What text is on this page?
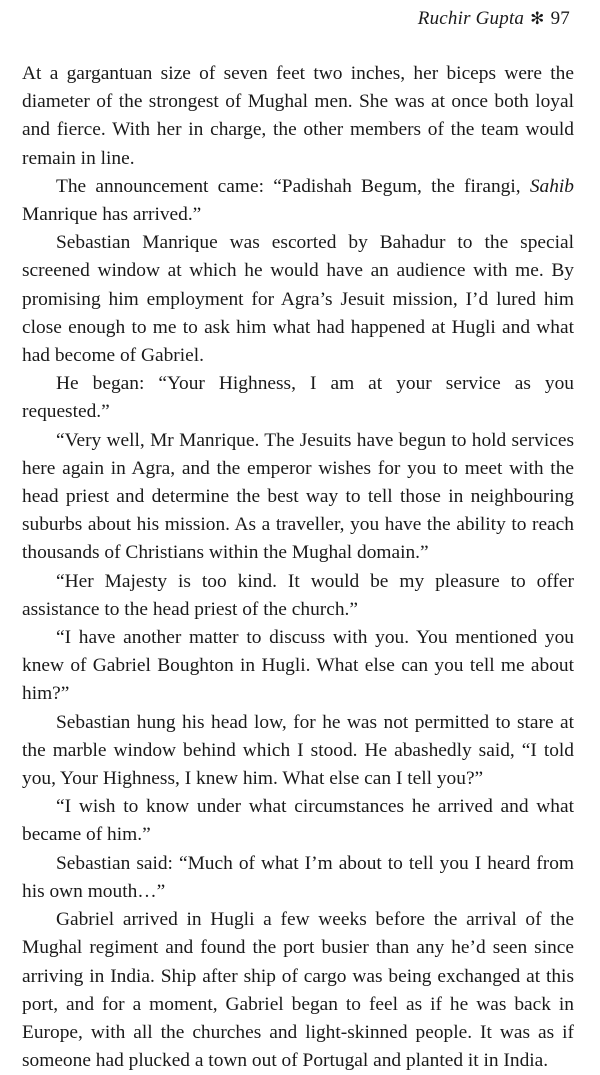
Ruchir Gupta ✻ 97

At a gargantuan size of seven feet two inches, her biceps were the diameter of the strongest of Mughal men. She was at once both loyal and fierce. With her in charge, the other members of the team would remain in line.

The announcement came: “Padishah Begum, the firangi, Sahib Manrique has arrived.”

Sebastian Manrique was escorted by Bahadur to the special screened window at which he would have an audience with me. By promising him employment for Agra’s Jesuit mission, I’d lured him close enough to me to ask him what had happened at Hugli and what had become of Gabriel.

He began: “Your Highness, I am at your service as you requested.”

“Very well, Mr Manrique. The Jesuits have begun to hold services here again in Agra, and the emperor wishes for you to meet with the head priest and determine the best way to tell those in neighbouring suburbs about his mission. As a traveller, you have the ability to reach thousands of Christians within the Mughal domain.”

“Her Majesty is too kind. It would be my pleasure to offer assistance to the head priest of the church.”

“I have another matter to discuss with you. You mentioned you knew of Gabriel Boughton in Hugli. What else can you tell me about him?”

Sebastian hung his head low, for he was not permitted to stare at the marble window behind which I stood. He abashedly said, “I told you, Your Highness, I knew him. What else can I tell you?”

“I wish to know under what circumstances he arrived and what became of him.”

Sebastian said: “Much of what I’m about to tell you I heard from his own mouth…”

Gabriel arrived in Hugli a few weeks before the arrival of the Mughal regiment and found the port busier than any he’d seen since arriving in India. Ship after ship of cargo was being exchanged at this port, and for a moment, Gabriel began to feel as if he was back in Europe, with all the churches and light-skinned people. It was as if someone had plucked a town out of Portugal and planted it in India.
